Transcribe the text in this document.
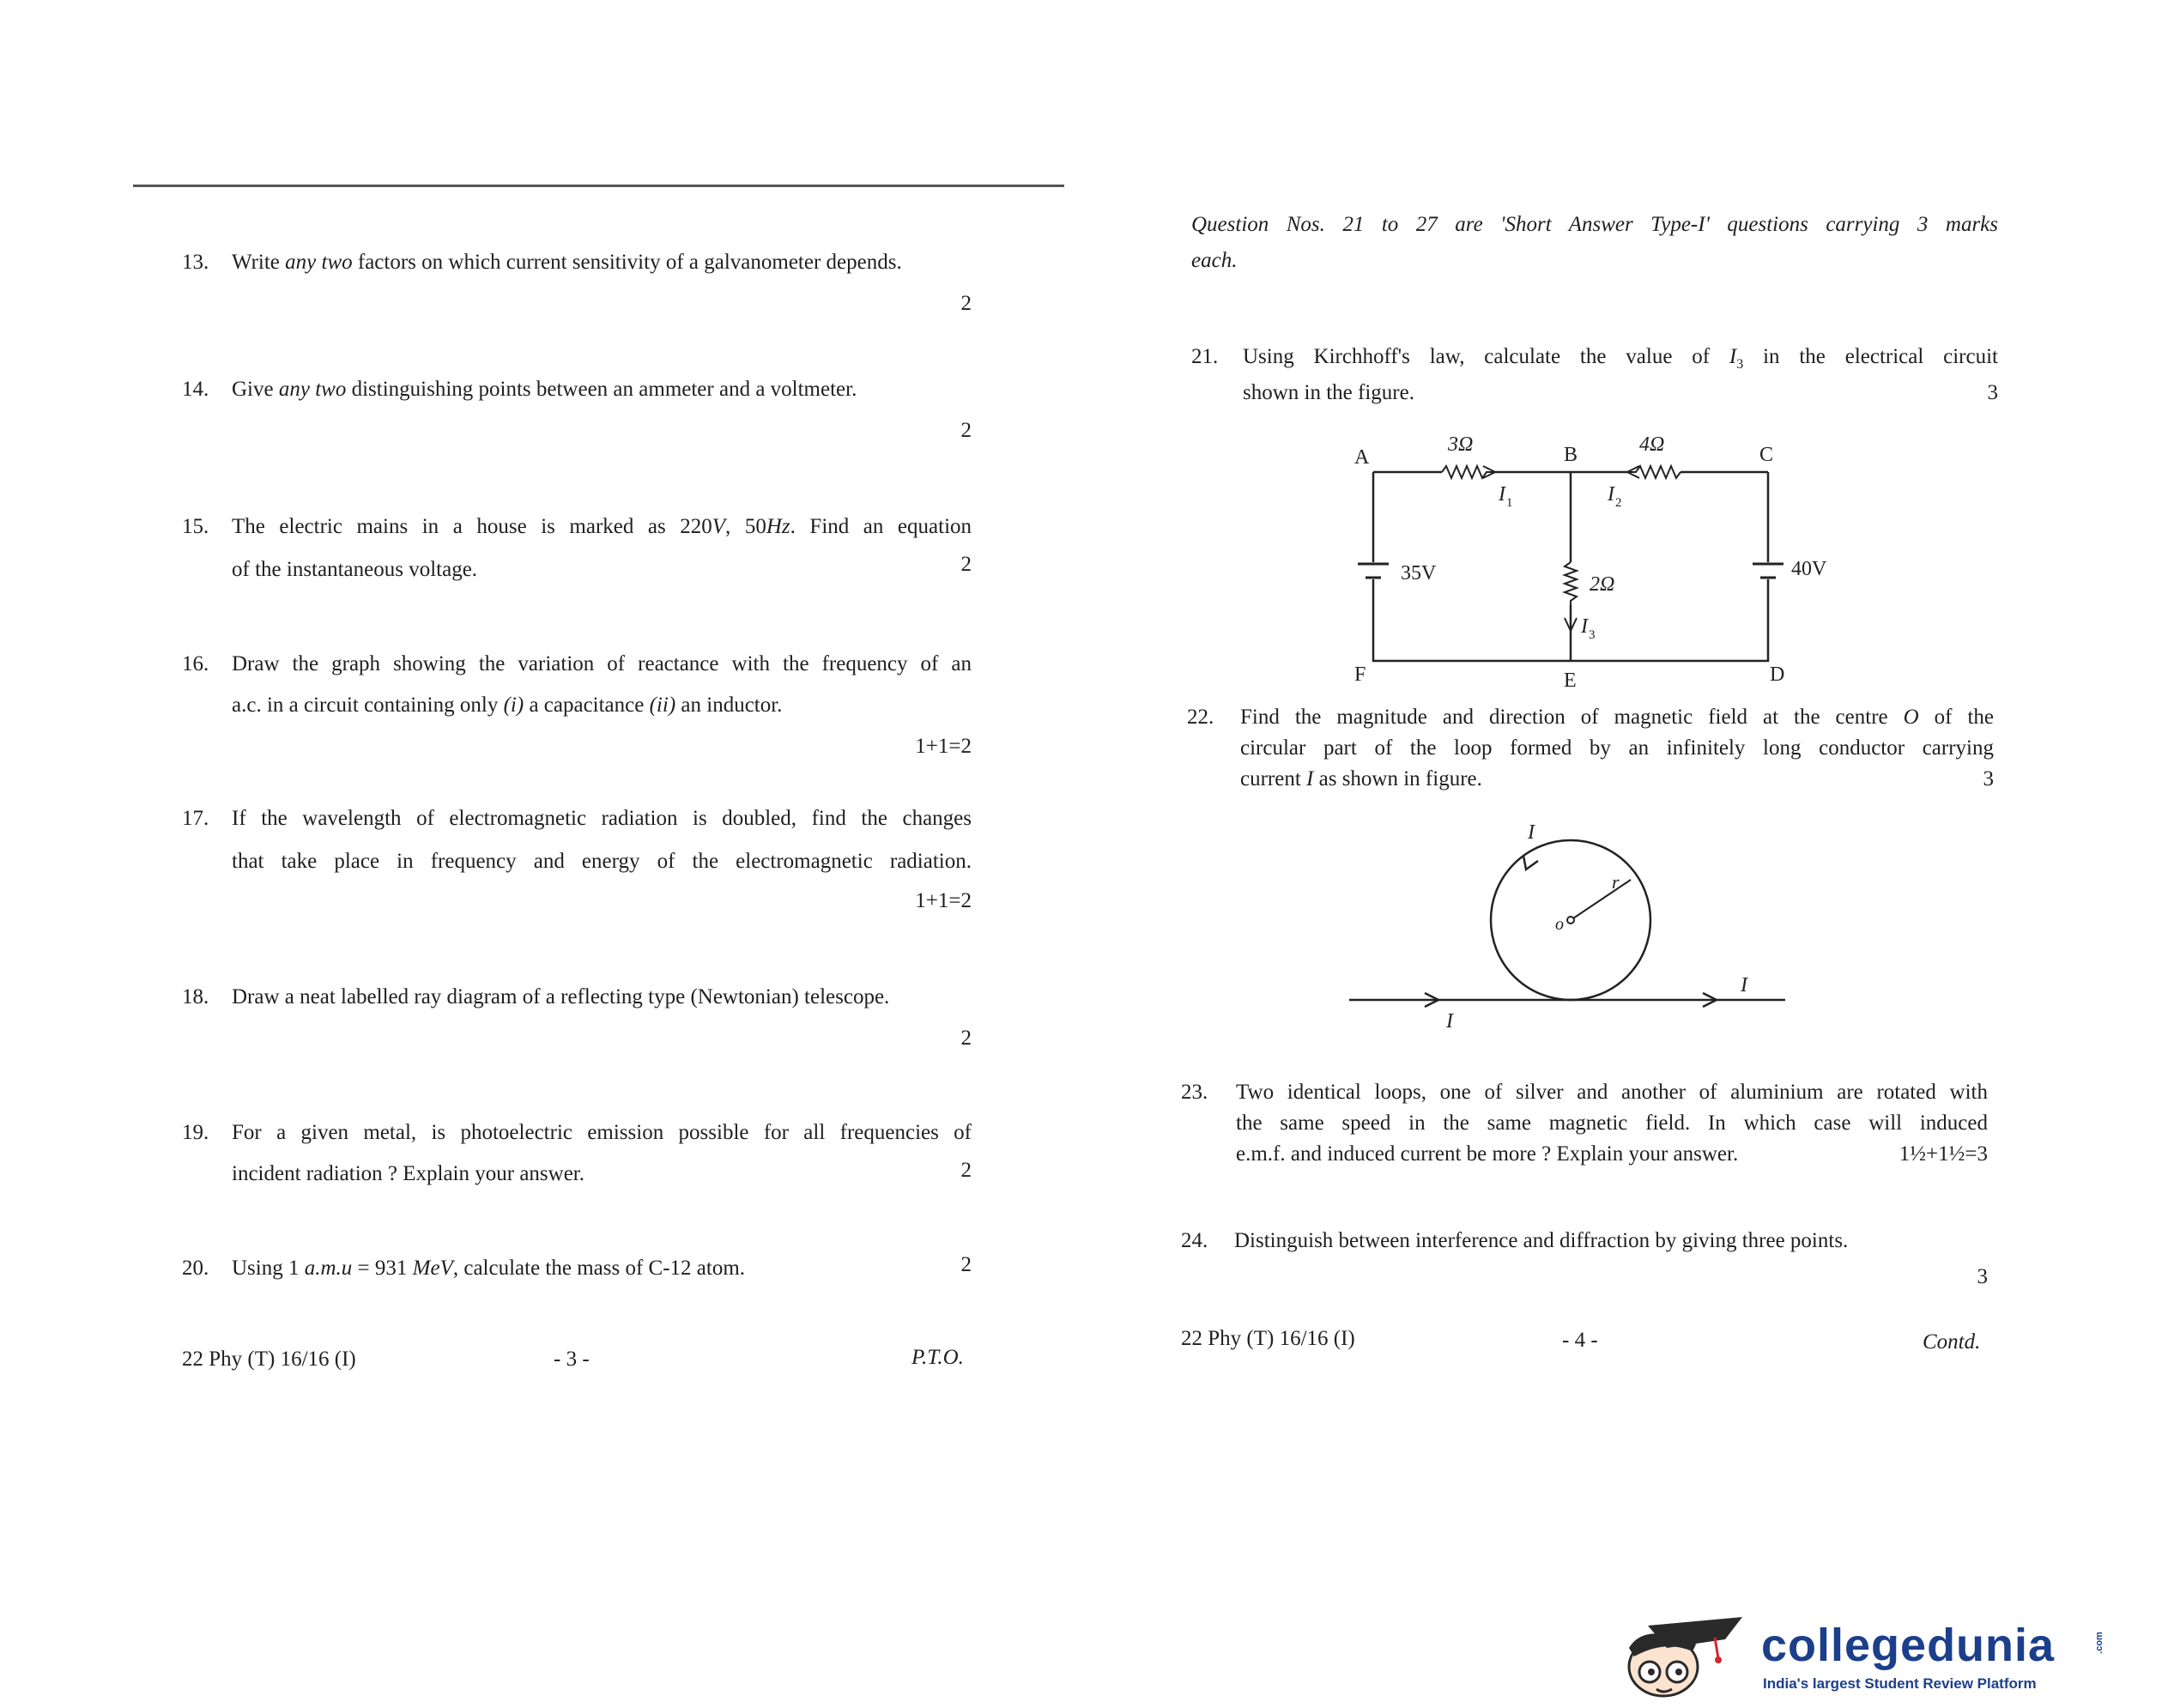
13. Write any two factors on which current sensitivity of a galvanometer depends.
2
14. Give any two distinguishing points between an ammeter and a voltmeter.
2
15. The electric mains in a house is marked as 220V, 50Hz. Find an equation
of the instantaneous voltage.	2
16. Draw the graph showing the variation of reactance with the frequency of an
a.c. in a circuit containing only (i) a capacitance (ii) an inductor.
1+1=2
17. If the wavelength of electromagnetic radiation is doubled, find the changes
that take place in frequency and energy of the electromagnetic radiation.
1+1=2
18. Draw a neat labelled ray diagram of a reflecting type (Newtonian) telescope.
2
19. For a given metal, is photoelectric emission possible for all frequencies of
incident radiation ? Explain your answer.	2
20. Using 1 a.m.u = 931 MeV, calculate the mass of C-12 atom.	2
22 Phy (T) 16/16 (I)	- 3 -	P.T.O.
Question Nos. 21 to 27 are 'Short Answer Type-I' questions carrying 3 marks
each.
21. Using Kirchhoff's law, calculate the value of $I_3$ in the electrical circuit
shown in the figure.	3
A	B	C
D
E
F
3Ω	4Ω
2Ω
35V	40V
I 1	I 2
I 3
22. Find the magnitude and direction of magnetic field at the centre O of the
circular part of the loop formed by an infinitely long conductor carrying
current I as shown in figure.	3
I
r
o
I
I
23. Two identical loops, one of silver and another of aluminium are rotated with
the same speed in the same magnetic field. In which case will induced
e.m.f. and induced current be more ? Explain your answer.	1½+1½=3
24. Distinguish between interference and diffraction by giving three points.
3
22 Phy (T) 16/16 (I)	- 4 -	Contd.
collegedunia	.com
India's largest Student Review Platform
